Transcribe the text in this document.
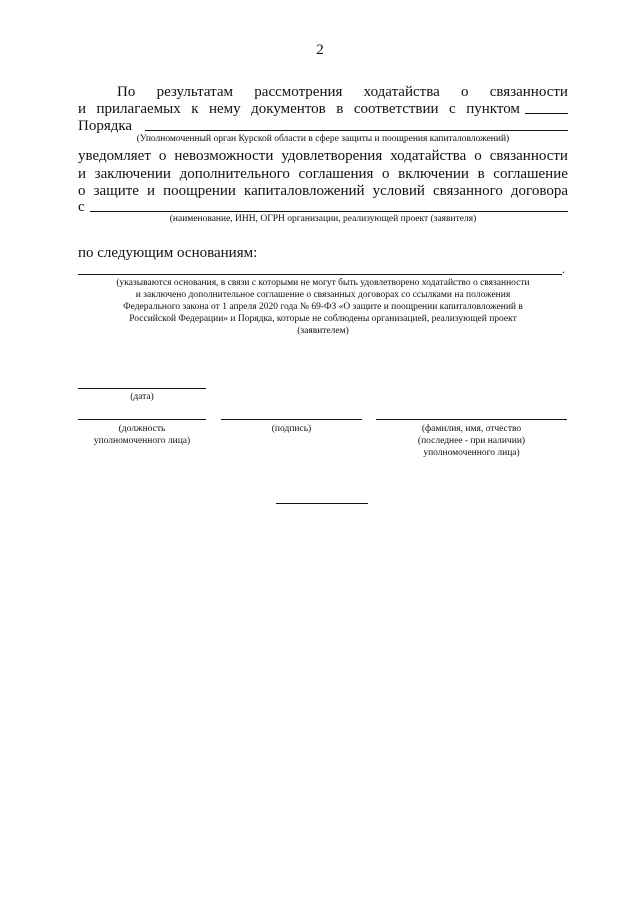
2
По результатам рассмотрения ходатайства о связанности
и прилагаемых к нему документов в соответствии с пунктом
Порядка
(Уполномоченный орган Курской области в сфере защиты и поощрения капиталовложений)
уведомляет о невозможности удовлетворения ходатайства о связанности
и заключении дополнительного соглашения о включении в соглашение
о защите и поощрении капиталовложений условий связанного договора
с
(наименование, ИНН, ОГРН организации, реализующей проект (заявителя)
по следующим основаниям:
.
(указываются основания, в связи с которыми не могут быть удовлетворено ходатайство о связанности
и заключено дополнительное соглашение о связанных договорах со ссылками на положения
Федерального закона от 1 апреля 2020 года № 69-ФЗ «О защите и поощрении капиталовложений в
Российской Федерации» и Порядка, которые не соблюдены организацией, реализующей проект
(заявителем)
(дата)
(должность
уполномоченного лица)
(подпись)	(фамилия, имя, отчество
(последнее - при наличии)
уполномоченного лица)
